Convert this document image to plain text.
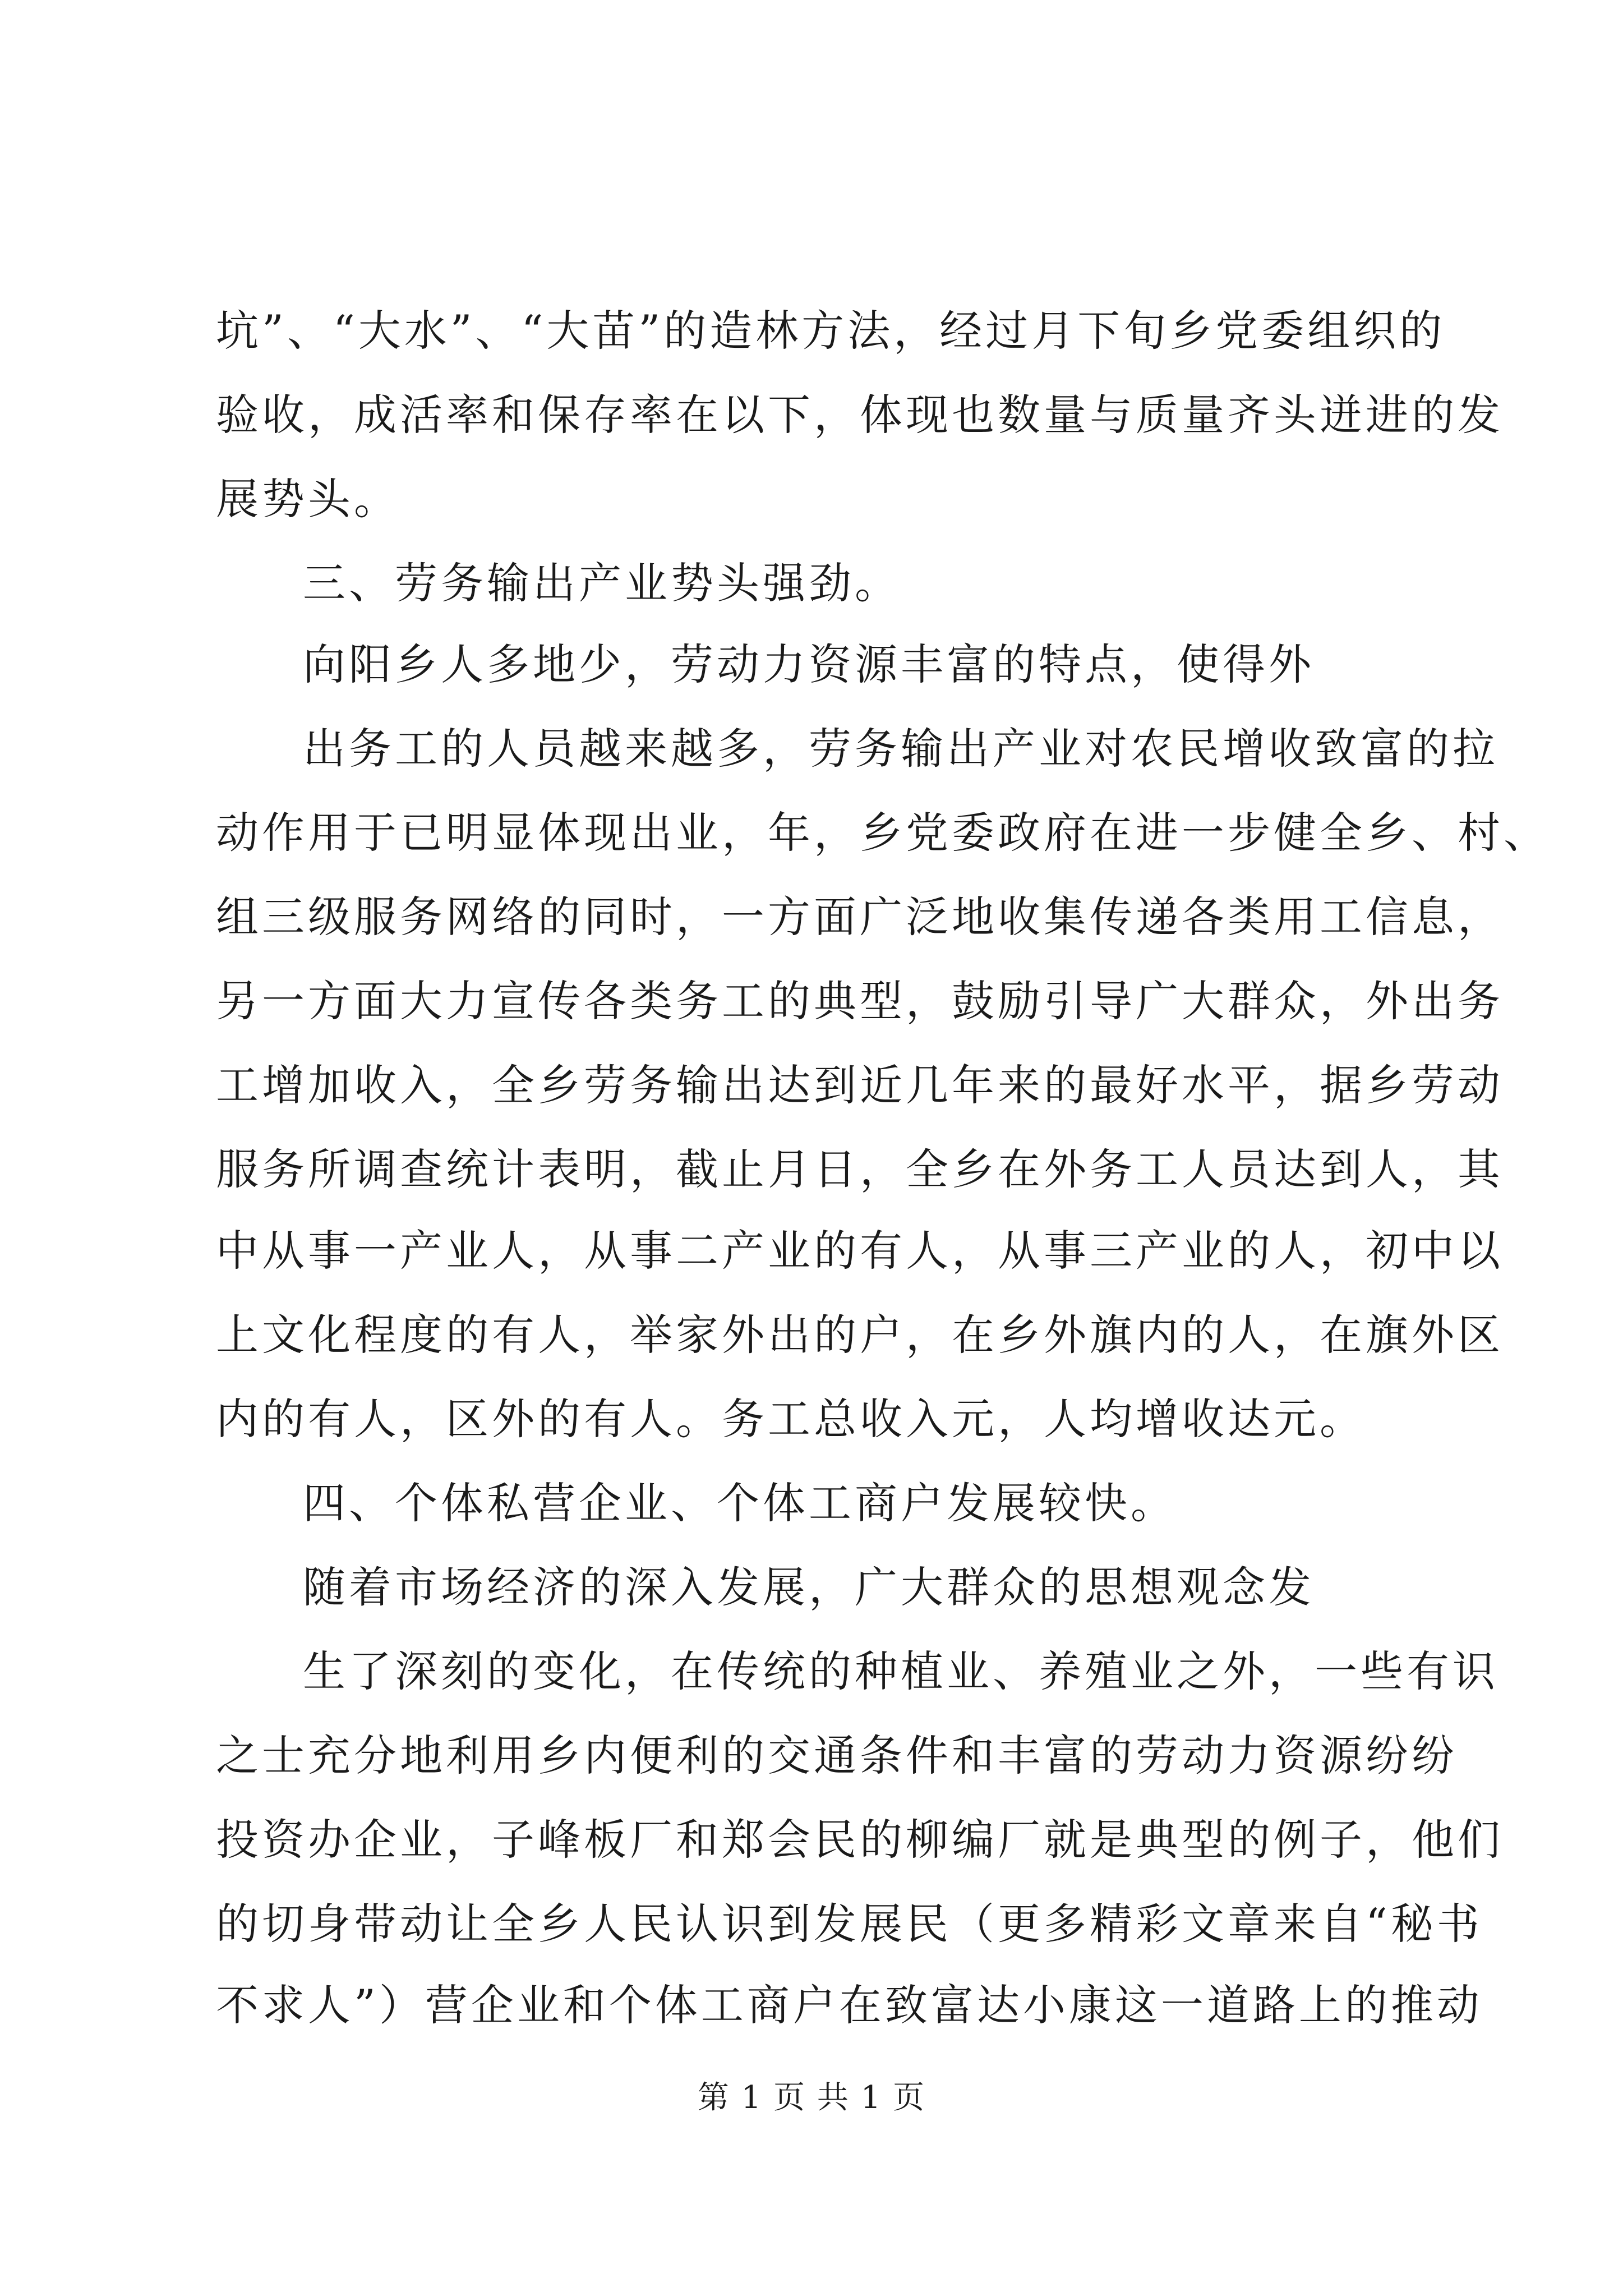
坑”、“大水”、“大苗”的造林方法，经过月下旬乡党委组织的
验收，成活率和保存率在以下，体现也数量与质量齐头迸进的发
展势头。
三、劳务输出产业势头强劲。
向阳乡人多地少，劳动力资源丰富的特点，使得外
出务工的人员越来越多，劳务输出产业对农民增收致富的拉
动作用于已明显体现出业，年，乡党委政府在进一步健全乡、村、
组三级服务网络的同时，一方面广泛地收集传递各类用工信息，
另一方面大力宣传各类务工的典型，鼓励引导广大群众，外出务
工增加收入，全乡劳务输出达到近几年来的最好水平，据乡劳动
服务所调查统计表明，截止月日，全乡在外务工人员达到人，其
中从事一产业人，从事二产业的有人，从事三产业的人，初中以
上文化程度的有人，举家外出的户，在乡外旗内的人，在旗外区
内的有人，区外的有人。务工总收入元，人均增收达元。
四、个体私营企业、个体工商户发展较快。
随着市场经济的深入发展，广大群众的思想观念发
生了深刻的变化，在传统的种植业、养殖业之外，一些有识
之士充分地利用乡内便利的交通条件和丰富的劳动力资源纷纷
投资办企业，子峰板厂和郑会民的柳编厂就是典型的例子，他们
的切身带动让全乡人民认识到发展民（更多精彩文章来自“秘书
不求人”）营企业和个体工商户在致富达小康这一道路上的推动
第 1 页 共 1 页
